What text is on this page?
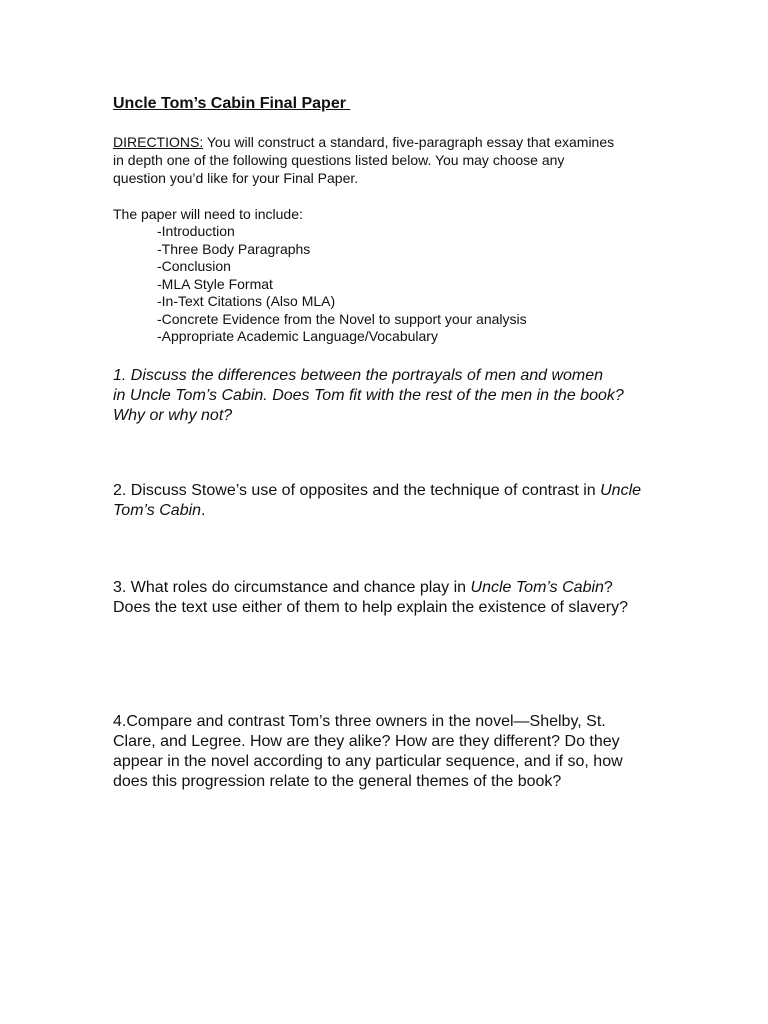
Uncle Tom’s Cabin Final Paper
DIRECTIONS: You will construct a standard, five-paragraph essay that examines
in depth one of the following questions listed below. You may choose any
question you’d like for your Final Paper.
The paper will need to include:
-Introduction
-Three Body Paragraphs
-Conclusion
-MLA Style Format
-In-Text Citations (Also MLA)
-Concrete Evidence from the Novel to support your analysis
-Appropriate Academic Language/Vocabulary
1. Discuss the differences between the portrayals of men and women
in Uncle Tom’s Cabin. Does Tom fit with the rest of the men in the book?
Why or why not?
2. Discuss Stowe’s use of opposites and the technique of contrast in Uncle
Tom’s Cabin.
3. What roles do circumstance and chance play in Uncle Tom’s Cabin?
Does the text use either of them to help explain the existence of slavery?
4.Compare and contrast Tom’s three owners in the novel—Shelby, St.
Clare, and Legree. How are they alike? How are they different? Do they
appear in the novel according to any particular sequence, and if so, how
does this progression relate to the general themes of the book?
